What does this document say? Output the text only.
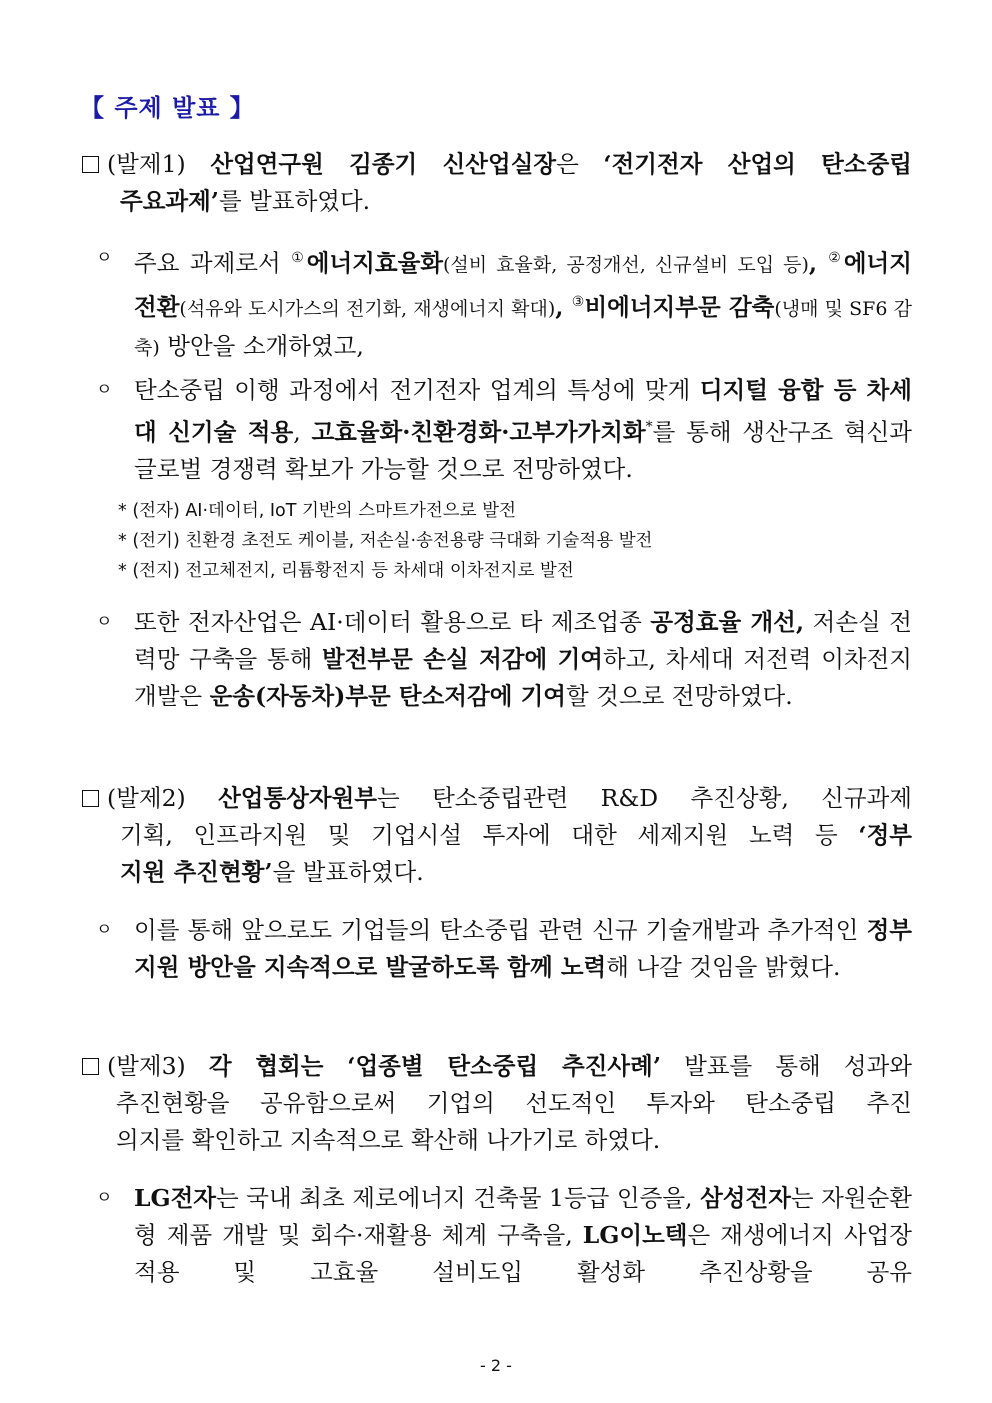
【 주제 발표 】
(발제1) 산업연구원 김종기 신산업실장은 ‘전기전자 산업의 탄소중립
주요과제’를 발표하였다.
ㅇ 주요 과제로서 ①에너지효율화(설비 효율화, 공정개선, 신규설비 도입 등), ②에너지 전환(석유와 도시가스의 전기화, 재생에너지 확대), ③비에너지부문 감축(냉매 및 SF6 감축) 방안을 소개하였고,
ㅇ 탄소중립 이행 과정에서 전기전자 업계의 특성에 맞게 디지털 융합 등 차세대 신기술 적용, 고효율화·친환경화·고부가가치화*를 통해 생산구조 혁신과 글로벌 경쟁력 확보가 가능할 것으로 전망하였다.
* (전자) AI·데이터, IoT 기반의 스마트가전으로 발전
* (전기) 친환경 초전도 케이블, 저손실·송전용량 극대화 기술적용 발전
* (전지) 전고체전지, 리튬황전지 등 차세대 이차전지로 발전
ㅇ 또한 전자산업은 AI·데이터 활용으로 타 제조업종 공정효율 개선, 저손실 전력망 구축을 통해 발전부문 손실 저감에 기여하고, 차세대 저전력 이차전지 개발은 운송(자동차)부문 탄소저감에 기여할 것으로 전망하였다.
(발제2) 산업통상자원부는 탄소중립관련 R&D 추진상황, 신규과제
기획, 인프라지원 및 기업시설 투자에 대한 세제지원 노력 등 ‘정부
지원 추진현황’을 발표하였다.
ㅇ 이를 통해 앞으로도 기업들의 탄소중립 관련 신규 기술개발과 추가적인 정부지원 방안을 지속적으로 발굴하도록 함께 노력해 나갈 것임을 밝혔다.
(발제3) 각 협회는 ‘업종별 탄소중립 추진사례’ 발표를 통해 성과와
추진현황을 공유함으로써 기업의 선도적인 투자와 탄소중립 추진
의지를 확인하고 지속적으로 확산해 나가기로 하였다.
ㅇ LG전자는 국내 최초 제로에너지 건축물 1등급 인증을, 삼성전자는 자원순환형 제품 개발 및 회수·재활용 체계 구축을, LG이노텍은 재생에너지 사업장 적용 및 고효율 설비도입 활성화 추진상황을 공유
- 2 -
